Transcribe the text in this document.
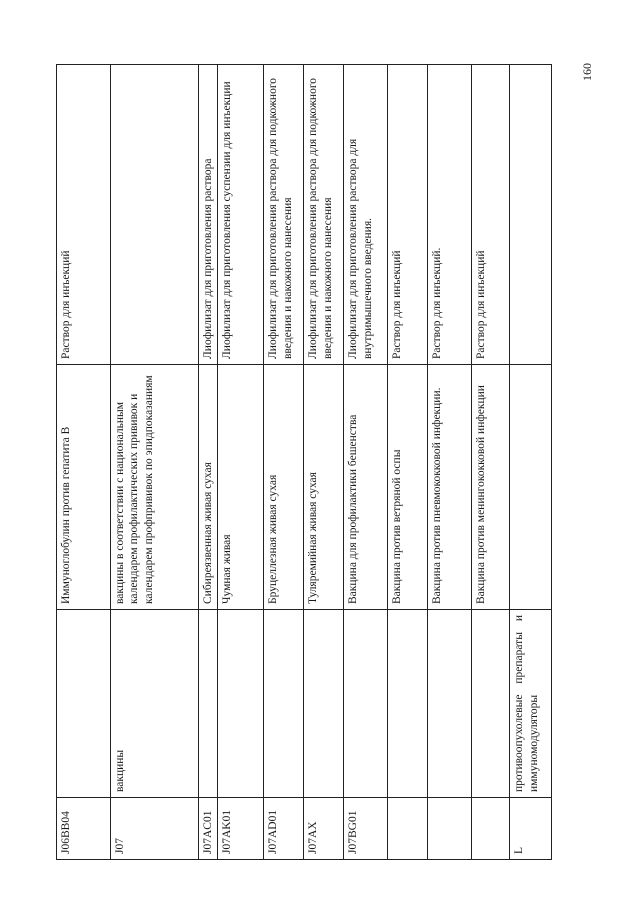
J06BB04		Иммуноглобулин против гепатита B	Раствор для инъекций
J07	вакцины	вакцины в соответствии с национальным календарем профилактических прививок и календарем профпрививок по эпидпоказаниям	
J07AC01		Сибиреязвенная живая сухая	Лиофилизат для приготовления раствора
J07AK01		Чумная живая	Лиофилизат для приготовления суспензии для инъекции
J07AD01		Бруцеллезная живая сухая	Лиофилизат для приготовления раствора для подкожного введения и накожного нанесения
J07AX		Туляремийная живая сухая	Лиофилизат для приготовления раствора для подкожного введения и накожного нанесения
J07BG01		Вакцина для профилактики бешенства	Лиофилизат для приготовления раствора для внутримышечного введения.
		Вакцина против ветряной оспы	Раствор для инъекций
		Вакцина против пневмококковой инфекции.	Раствор для инъекций.
		Вакцина против менингококковой инфекции	Раствор для инъекций
L	противоопухолевые препараты и иммуномодуляторы		
160
